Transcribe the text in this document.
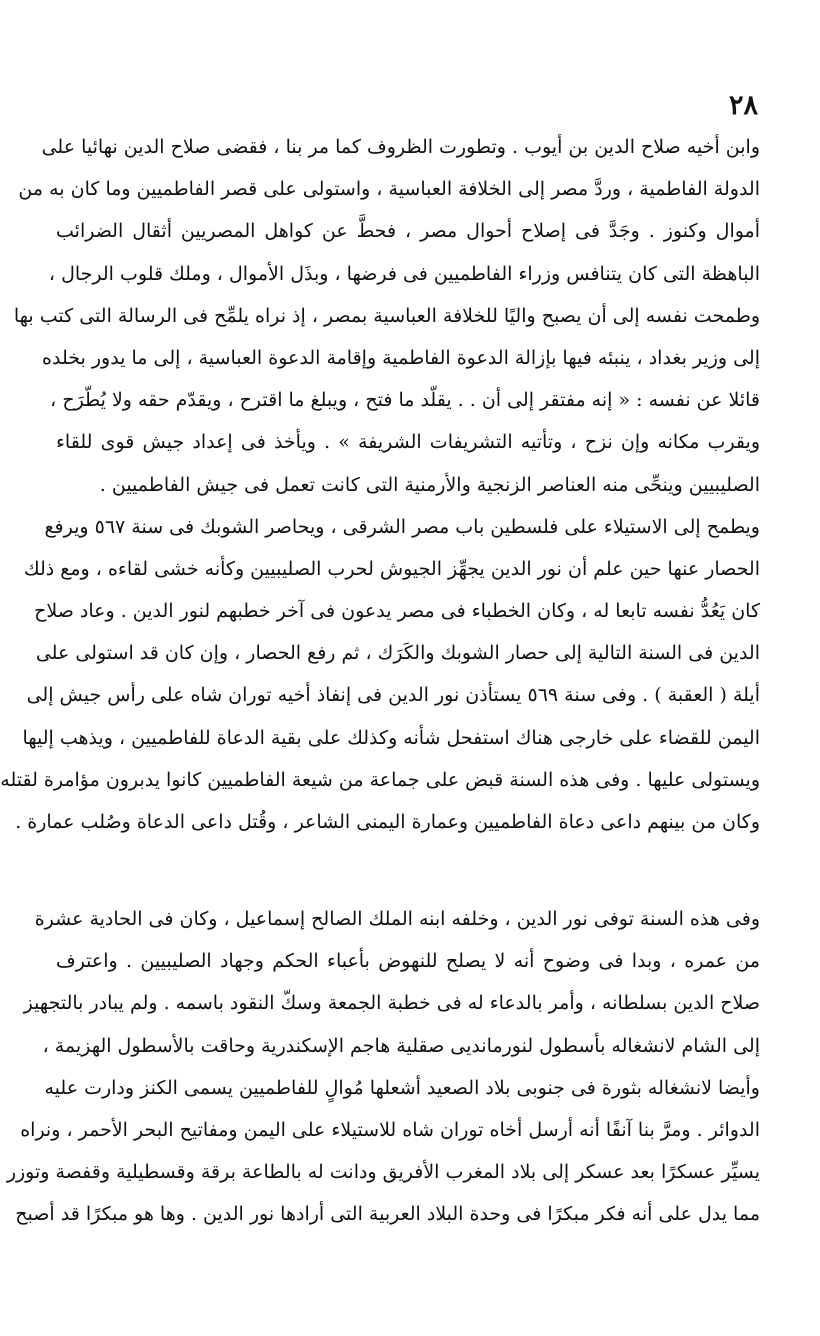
٢٨
وابن أخيه صلاح الدين بن أيوب . وتطورت الظروف كما مر بنا ، فقضى صلاح الدين نهائيا على
الدولة الفاطمية ، وردَّ مصر إلى الخلافة العباسية ، واستولى على قصر الفاطميين وما كان به من
أموال وكنوز . وجَدَّ فى إصلاح أحوال مصر ، فحطَّ عن كواهل المصريين أثقال الضرائب
الباهظة التى كان يتنافس وزراء الفاطميين فى فرضها ، وبذَل الأموال ، وملك قلوب الرجال ،
وطمحت نفسه إلى أن يصبح واليًا للخلافة العباسية بمصر ، إذ نراه يلمِّح فى الرسالة التى كتب بها
إلى وزير بغداد ، ينبئه فيها بإزالة الدعوة الفاطمية وإقامة الدعوة العباسية ، إلى ما يدور بخلده
قائلا عن نفسه : « إنه مفتقر إلى أن . . يقلّد ما فتح ، ويبلغ ما اقترح ، ويقدّم حقه ولا يُطّرَح ،
ويقرب مكانه وإن نزح ، وتأتيه التشريفات الشريفة » . ويأخذ فى إعداد جيش قوى للقاء
الصليبيين وينحِّى منه العناصر الزنجية والأرمنية التى كانت تعمل فى جيش الفاطميين .
ويطمح إلى الاستيلاء على فلسطين باب مصر الشرقى ، ويحاصر الشوبك فى سنة ٥٦٧ ويرفع
الحصار عنها حين علم أن نور الدين يجهِّز الجيوش لحرب الصليبيين وكأنه خشى لقاءه ، ومع ذلك
كان يَعُدُّ نفسه تابعا له ، وكان الخطباء فى مصر يدعون فى آخر خطبهم لنور الدين . وعاد صلاح
الدين فى السنة التالية إلى حصار الشوبك والكَرَك ، ثم رفع الحصار ، وإن كان قد استولى على
أيلة ( العقبة ) . وفى سنة ٥٦٩ يستأذن نور الدين فى إنفاذ أخيه توران شاه على رأس جيش إلى
اليمن للقضاء على خارجى هناك استفحل شأنه وكذلك على بقية الدعاة للفاطميين ، ويذهب إليها
ويستولى عليها . وفى هذه السنة قبض على جماعة من شيعة الفاطميين كانوا يدبرون مؤامرة لقتله
وكان من بينهم داعى دعاة الفاطميين وعمارة اليمنى الشاعر ، وقُتل داعى الدعاة وصُلب عمارة .
وفى هذه السنة توفى نور الدين ، وخلفه ابنه الملك الصالح إسماعيل ، وكان فى الحادية عشرة
من عمره ، وبدا فى وضوح أنه لا يصلح للنهوض بأعباء الحكم وجهاد الصليبيين . واعترف
صلاح الدين بسلطانه ، وأمر بالدعاء له فى خطبة الجمعة وسكّ النقود باسمه . ولم يبادر بالتجهيز
إلى الشام لانشغاله بأسطول لنورمانديى صقلية هاجم الإسكندرية وحاقت بالأسطول الهزيمة ،
وأيضا لانشغاله بثورة فى جنوبى بلاد الصعيد أشعلها مُوالٍ للفاطميين يسمى الكنز ودارت عليه
الدوائر . ومرَّ بنا آنفًا أنه أرسل أخاه توران شاه للاستيلاء على اليمن ومفاتيح البحر الأحمر ، ونراه
يسيِّر عسكرًا بعد عسكر إلى بلاد المغرب الأفريق ودانت له بالطاعة برقة وقسطيلية وقفصة وتوزر
مما يدل على أنه فكر مبكرًا فى وحدة البلاد العربية التى أرادها نور الدين . وها هو مبكرًا قد أصبح
